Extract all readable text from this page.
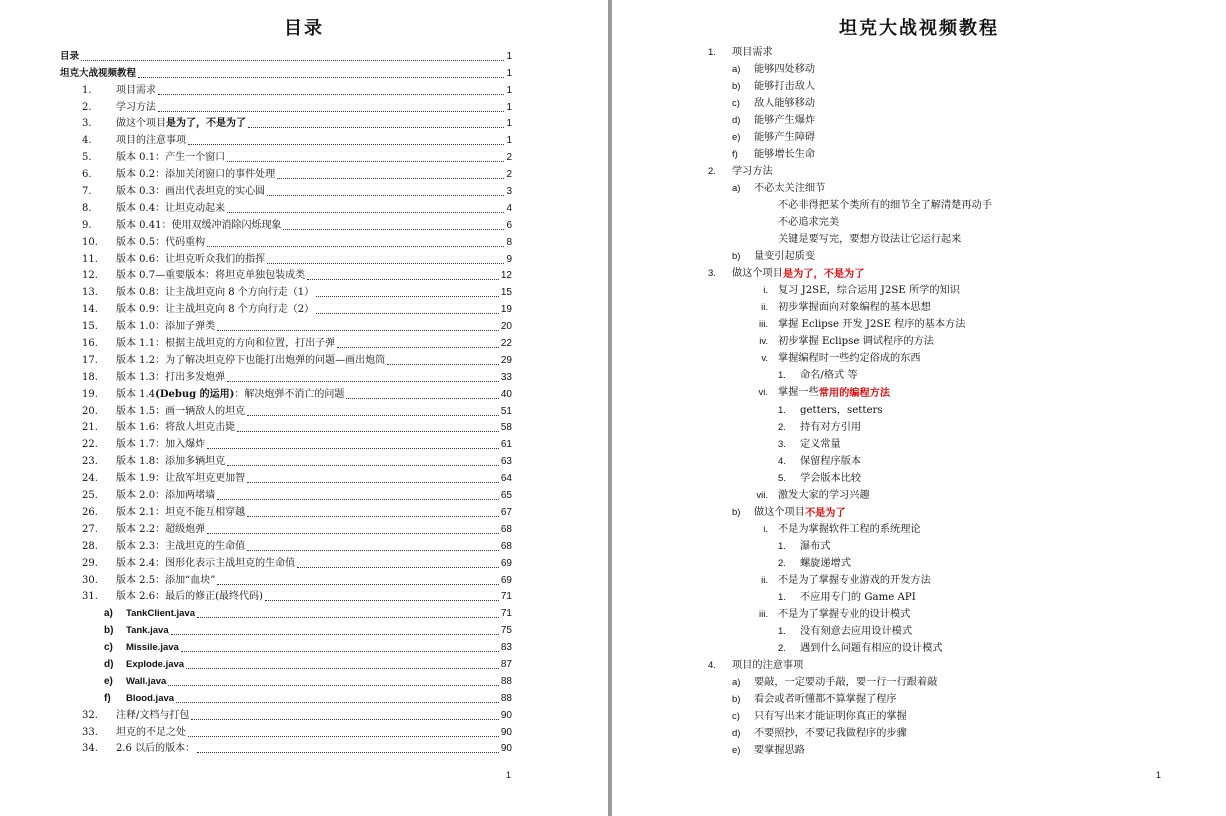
目录
目录	1
坦克大战视频教程	1
1.	项目需求	1
2.	学习方法	1
3.	做这个项目是为了，不是为了	1
4.	项目的注意事项	1
5.	版本 0.1：产生一个窗口	2
6.	版本 0.2：添加关闭窗口的事件处理	2
7.	版本 0.3：画出代表坦克的实心圆	3
8.	版本 0.4：让坦克动起来	4
9.	版本 0.41：使用双缓冲消除闪烁现象	6
10.	版本 0.5：代码重构	8
11.	版本 0.6：让坦克听众我们的指挥	9
12.	版本 0.7—重要版本：将坦克单独包装成类	12
13.	版本 0.8：让主战坦克向 8 个方向行走（1）	15
14.	版本 0.9：让主战坦克向 8 个方向行走（2）	19
15.	版本 1.0：添加子弹类	20
16.	版本 1.1：根据主战坦克的方向和位置，打出子弹	22
17.	版本 1.2：为了解决坦克停下也能打出炮弹的问题—画出炮筒	29
18.	版本 1.3：打出多发炮弹	33
19.	版本 1.4(Debug 的运用)：解决炮弹不消亡的问题	40
20.	版本 1.5：画一辆敌人的坦克	51
21.	版本 1.6：将敌人坦克击毙	58
22.	版本 1.7：加入爆炸	61
23.	版本 1.8：添加多辆坦克	63
24.	版本 1.9：让敌军坦克更加智	64
25.	版本 2.0：添加两堵墙	65
26.	版本 2.1：坦克不能互相穿越	67
27.	版本 2.2：超级炮弹	68
28.	版本 2.3：主战坦克的生命值	68
29.	版本 2.4：图形化表示主战坦克的生命值	69
30.	版本 2.5：添加“血块”	69
31.	版本 2.6：最后的修正(最终代码)	71
a)	TankClient.java	71
b)	Tank.java	75
c)	Missile.java	83
d)	Explode.java	87
e)	Wall.java	88
f)	Blood.java	88
32.	注释/文档与打包	90
33.	坦克的不足之处	90
34.	2.6 以后的版本：	90
1
坦克大战视频教程
1.	项目需求
a)	能够四处移动
b)	能够打击敌人
c)	敌人能够移动
d)	能够产生爆炸
e)	能够产生障碍
f)	能够增长生命
2.	学习方法
a)	不必太关注细节
不必非得把某个类所有的细节全了解清楚再动手
不必追求完美
关键是要写完，要想方设法让它运行起来
b)	量变引起质变
3.	做这个项目 是为了，不是为了
i. 复习 J2SE，综合运用 J2SE 所学的知识
ii. 初步掌握面向对象编程的基本思想
iii. 掌握 Eclipse 开发 J2SE 程序的基本方法
iv. 初步掌握 Eclipse 调试程序的方法
v. 掌握编程时一些约定俗成的东西
1.	命名/格式 等
vi. 掌握一些 常用的编程方法
1.	getters，setters
2.	持有对方引用
3.	定义常量
4.	保留程序版本
5.	学会版本比较
vii. 激发大家的学习兴趣
b)	做这个项目 不是为了
i. 不是为掌握软件工程的系统理论
1.	瀑布式
2.	螺旋递增式
ii. 不是为了掌握专业游戏的开发方法
1.	不应用专门的 Game API
iii. 不是为了掌握专业的设计模式
1.	没有刻意去应用设计模式
2.	遇到什么问题有相应的设计模式
4.	项目的注意事项
a)	要敲，一定要动手敲，要一行一行跟着敲
b)	看会或者听懂都不算掌握了程序
c)	只有写出来才能证明你真正的掌握
d)	不要照抄，不要记我做程序的步骤
e)	要掌握思路
1
